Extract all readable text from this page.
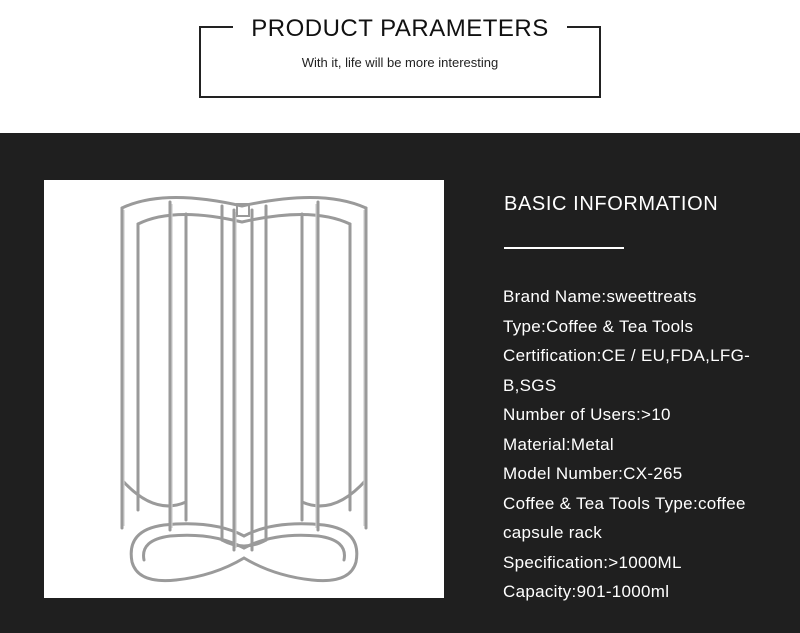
PRODUCT PARAMETERS
With it, life will be more interesting
BASIC INFORMATION
Brand Name:sweettreats
Type:Coffee & Tea Tools
Certification:CE / EU,FDA,LFG-B,SGS
Number of Users:>10
Material:Metal
Model Number:CX-265
Coffee & Tea Tools Type:coffee capsule rack
Specification:>1000ML
Capacity:901-1000ml
